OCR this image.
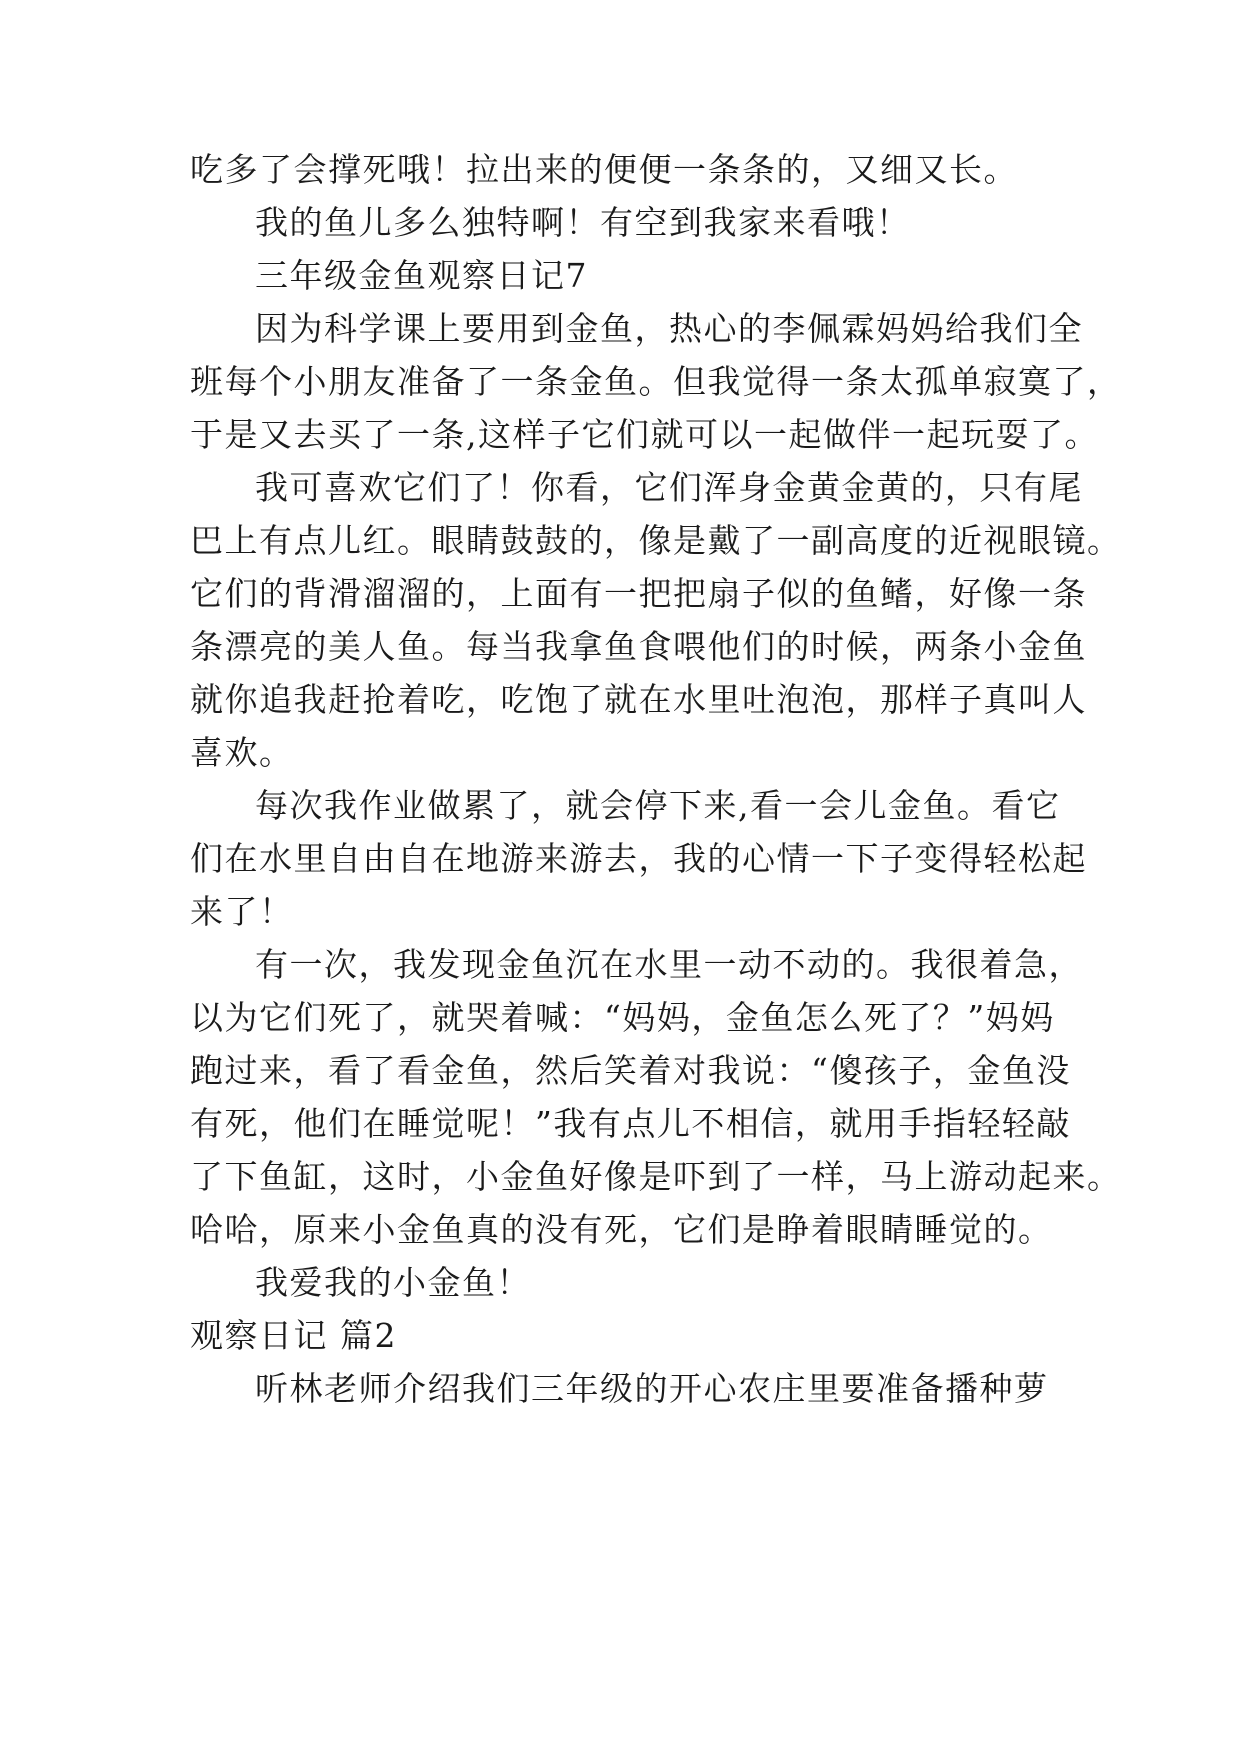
吃多了会撑死哦！拉出来的便便一条条的，又细又长。
我的鱼儿多么独特啊！有空到我家来看哦！
三年级金鱼观察日记7
因为科学课上要用到金鱼，热心的李佩霖妈妈给我们全
班每个小朋友准备了一条金鱼。但我觉得一条太孤单寂寞了，
于是又去买了一条,这样子它们就可以一起做伴一起玩耍了。
我可喜欢它们了！你看，它们浑身金黄金黄的，只有尾
巴上有点儿红。眼睛鼓鼓的，像是戴了一副高度的近视眼镜。
它们的背滑溜溜的，上面有一把把扇子似的鱼鳍，好像一条
条漂亮的美人鱼。每当我拿鱼食喂他们的时候，两条小金鱼
就你追我赶抢着吃，吃饱了就在水里吐泡泡，那样子真叫人
喜欢。
每次我作业做累了，就会停下来,看一会儿金鱼。看它
们在水里自由自在地游来游去，我的心情一下子变得轻松起
来了！
有一次，我发现金鱼沉在水里一动不动的。我很着急，
以为它们死了，就哭着喊：“妈妈，金鱼怎么死了？”妈妈
跑过来，看了看金鱼，然后笑着对我说：“傻孩子，金鱼没
有死，他们在睡觉呢！”我有点儿不相信，就用手指轻轻敲
了下鱼缸，这时，小金鱼好像是吓到了一样，马上游动起来。
哈哈，原来小金鱼真的没有死，它们是睁着眼睛睡觉的。
我爱我的小金鱼！
观察日记 篇2
听林老师介绍我们三年级的开心农庄里要准备播种萝
